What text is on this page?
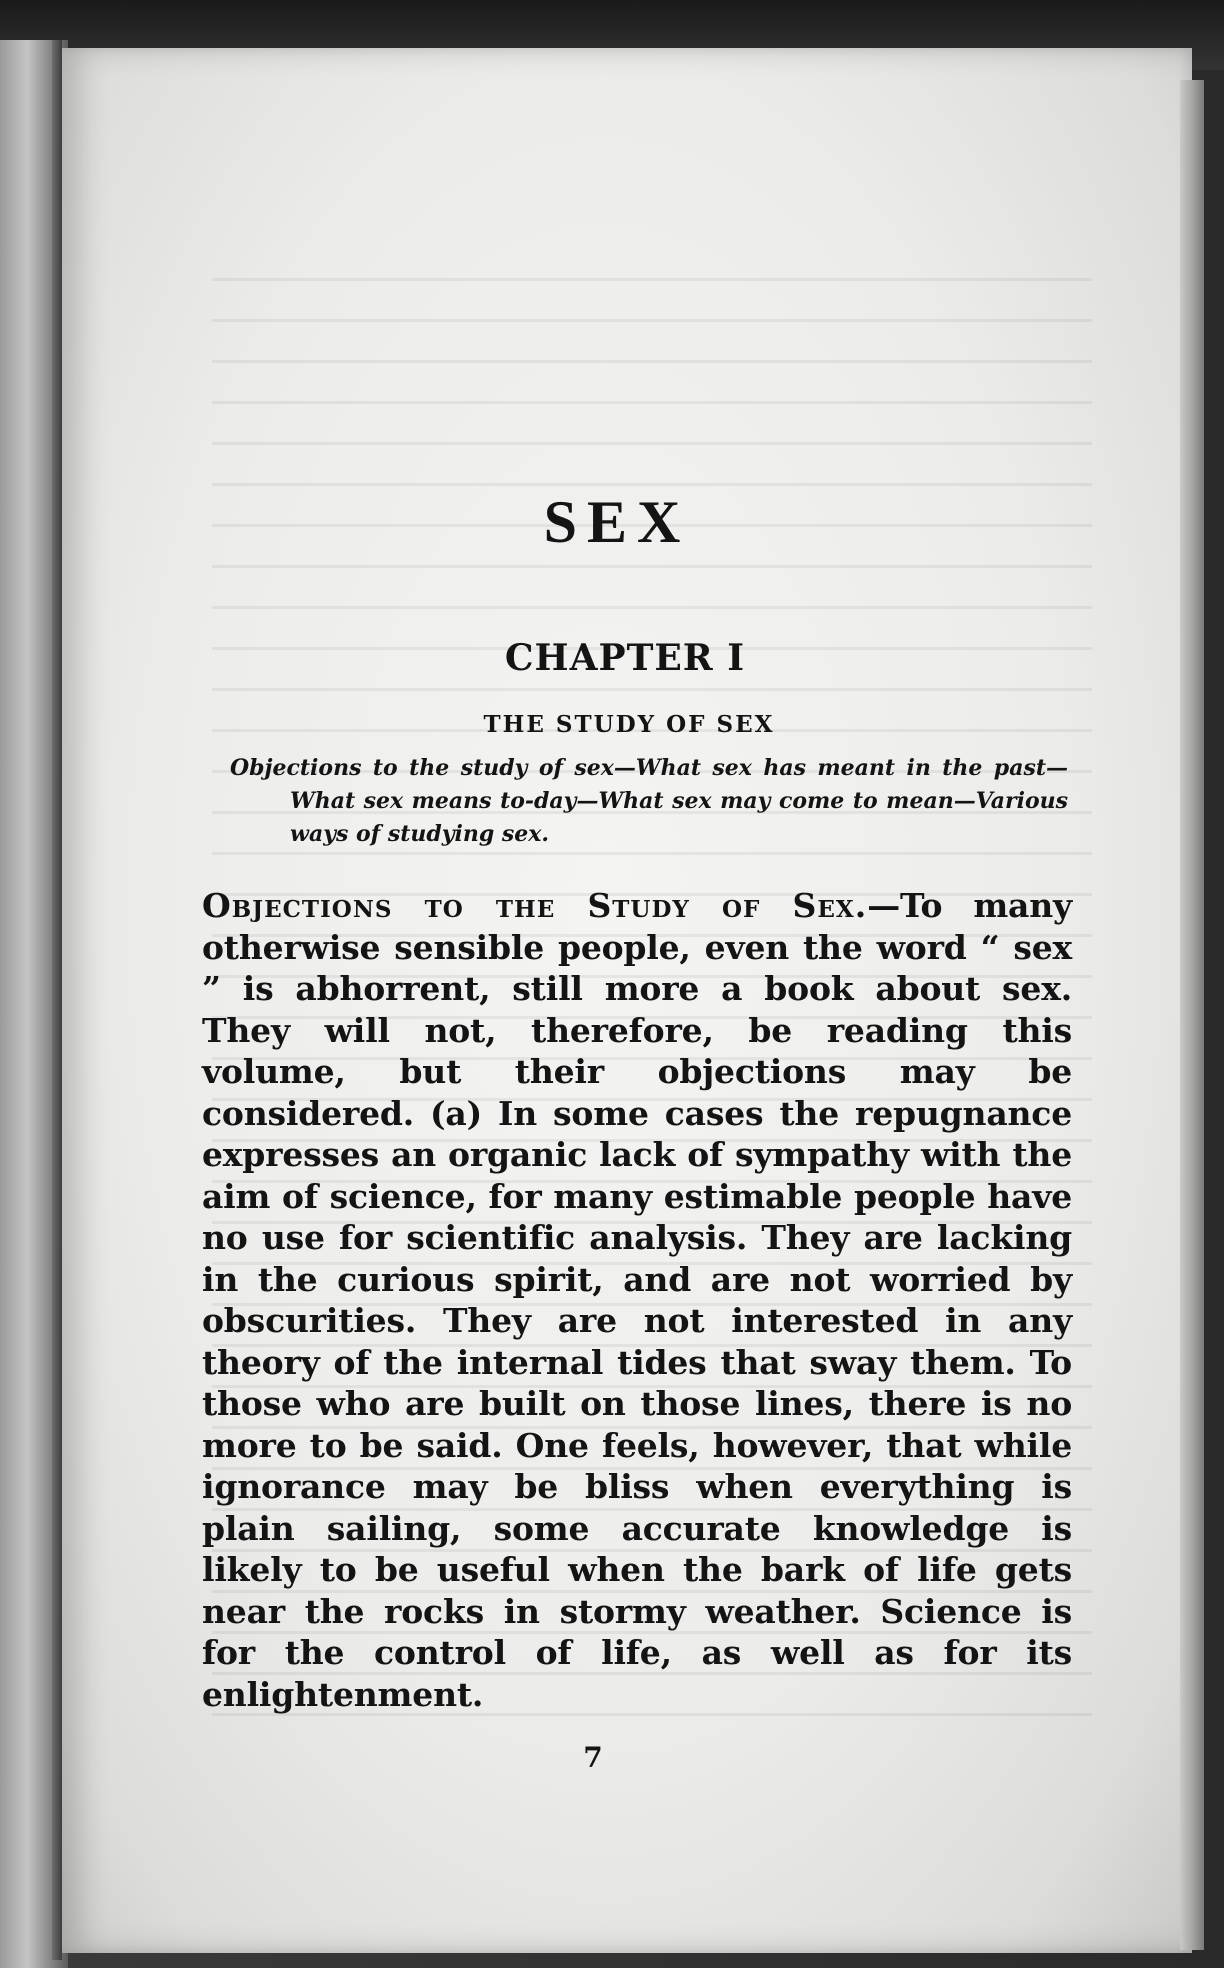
SEX
CHAPTER I
THE STUDY OF SEX
Objections to the study of sex—What sex has meant in the past—What sex means to-day—What sex may come to mean—Various ways of studying sex.

Objections to the Study of Sex.—To many otherwise sensible people, even the word “ sex ” is abhorrent, still more a book about sex. They will not, therefore, be reading this volume, but their objections may be considered. (a) In some cases the repugnance expresses an organic lack of sympathy with the aim of science, for many estimable people have no use for scientific analysis. They are lacking in the curious spirit, and are not worried by obscurities. They are not interested in any theory of the internal tides that sway them. To those who are built on those lines, there is no more to be said. One feels, however, that while ignorance may be bliss when everything is plain sailing, some accurate knowledge is likely to be useful when the bark of life gets near the rocks in stormy weather. Science is for the control of life, as well as for its enlightenment.

7
